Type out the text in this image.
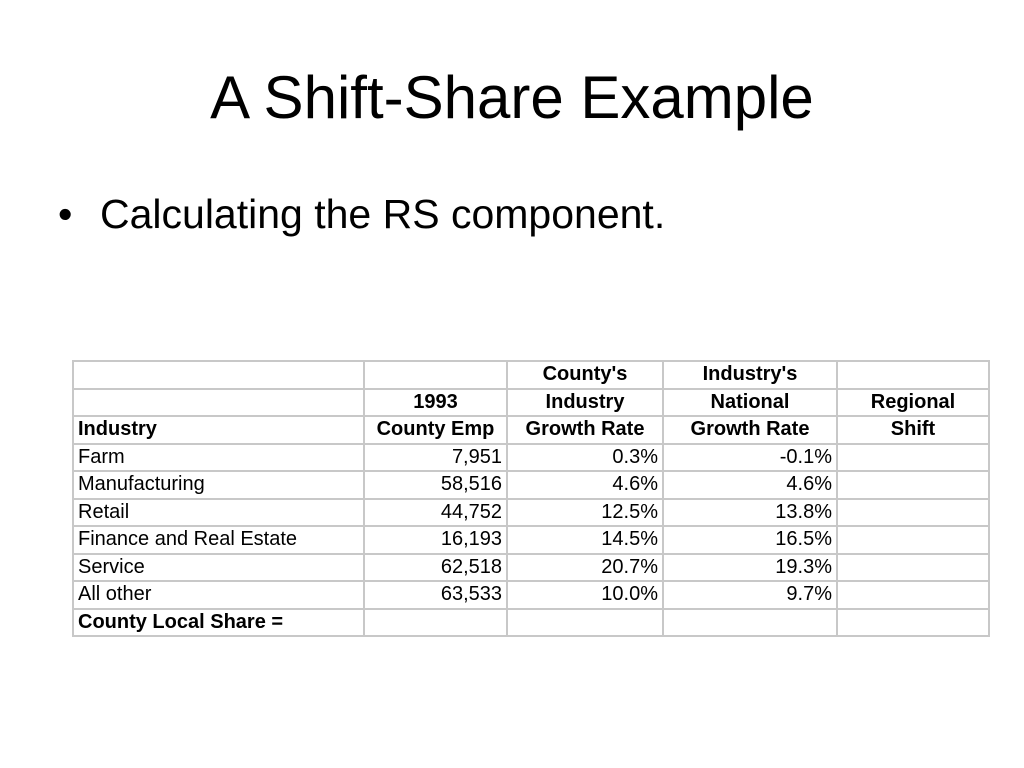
A Shift-Share Example
• Calculating the RS component.
		County's	Industry's	
	1993	Industry	National	Regional
Industry	County Emp	Growth Rate	Growth Rate	Shift
Farm	7,951	0.3%	-0.1%	
Manufacturing	58,516	4.6%	4.6%	
Retail	44,752	12.5%	13.8%	
Finance and Real Estate	16,193	14.5%	16.5%	
Service	62,518	20.7%	19.3%	
All other	63,533	10.0%	9.7%	
County Local Share =				
